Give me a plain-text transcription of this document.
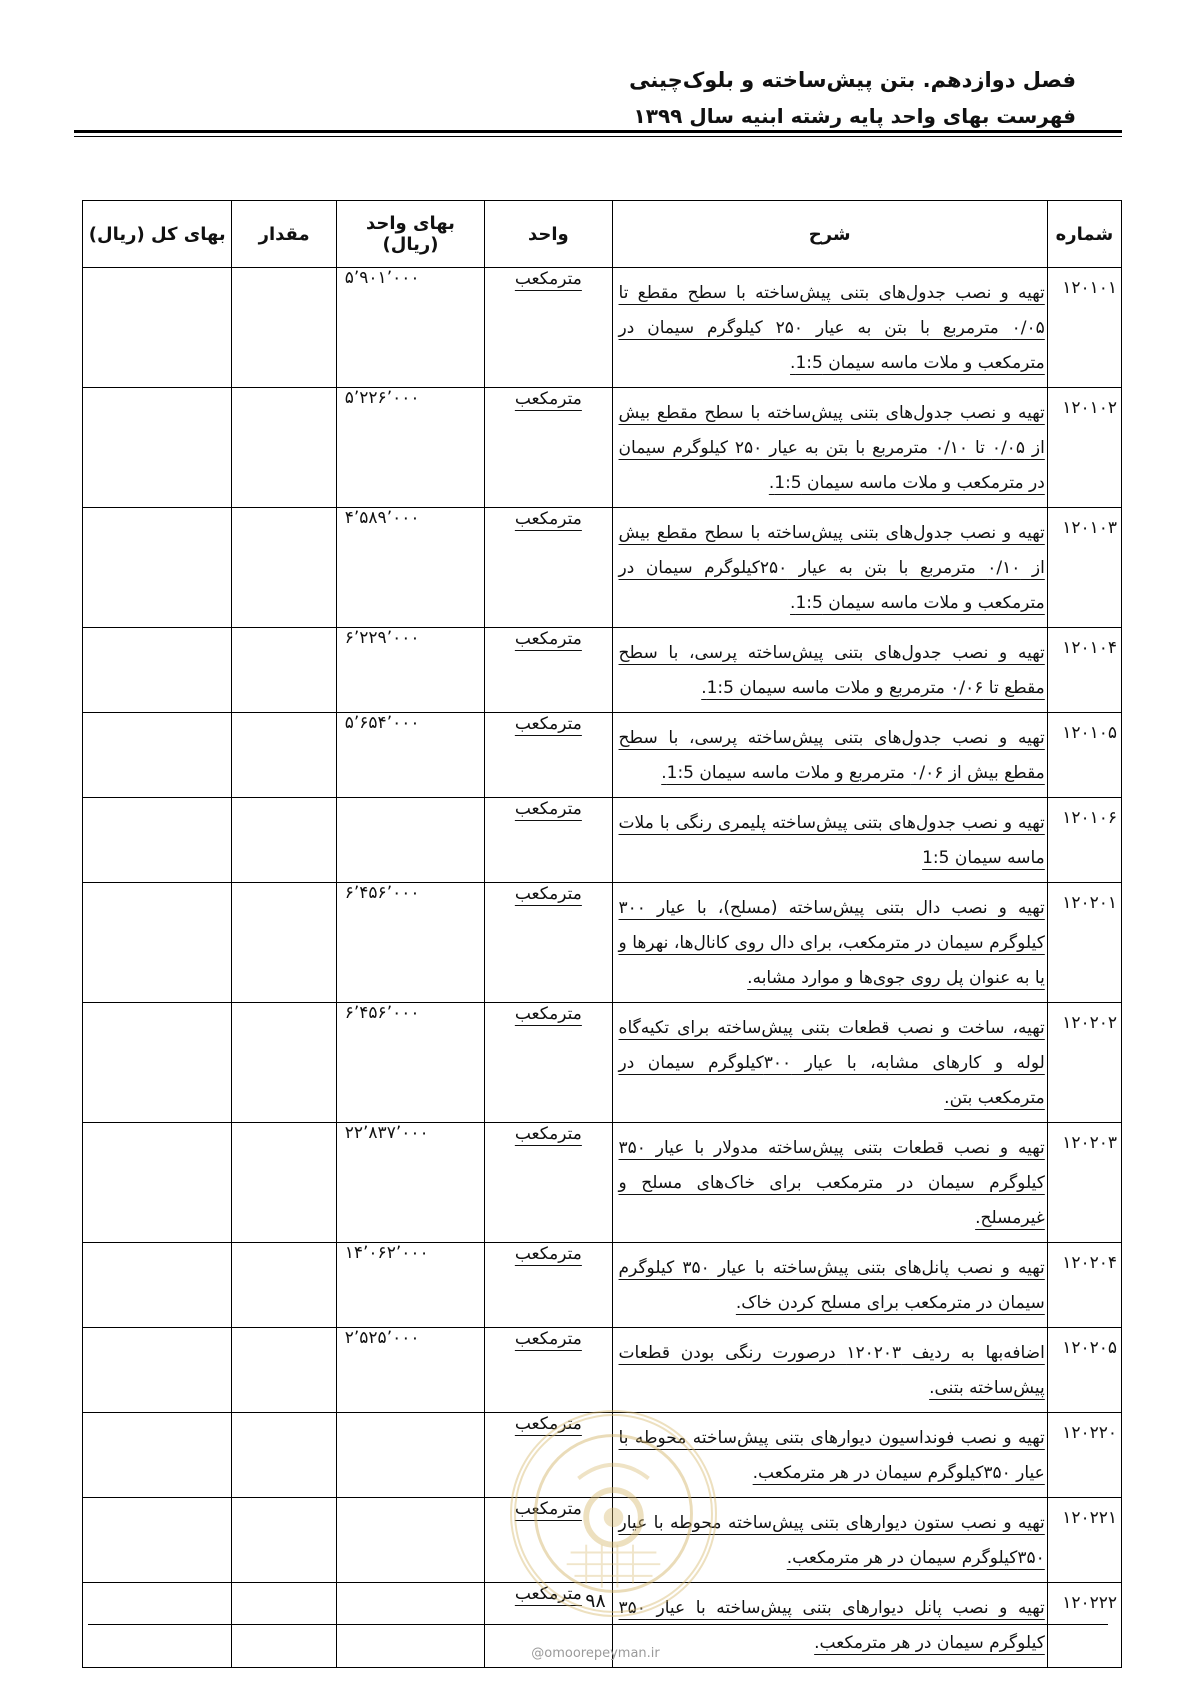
فصل دوازدهم. بتن پیش‌ساخته و بلوک‌چینی
فهرست بهای واحد پایه رشته ابنیه سال ۱۳۹۹
شماره	شرح	واحد	بهای واحد (ریال)	مقدار	بهای کل (ریال)
۱۲۰۱۰۱	تهیه و نصب جدول‌های بتنی پیش‌ساخته با سطح مقطع تا ۰/۰۵ مترمربع با بتن به عیار ۲۵۰ کیلوگرم سیمان در مترمکعب و ملات ماسه سیمان 1:5.	مترمکعب	۵٬۹۰۱٬۰۰۰		
۱۲۰۱۰۲	تهیه و نصب جدول‌های بتنی پیش‌ساخته با سطح مقطع بیش از ۰/۰۵ تا ۰/۱۰ مترمربع با بتن به عیار ۲۵۰ کیلوگرم سیمان در مترمکعب و ملات ماسه سیمان 1:5.	مترمکعب	۵٬۲۲۶٬۰۰۰		
۱۲۰۱۰۳	تهیه و نصب جدول‌های بتنی پیش‌ساخته با سطح مقطع بیش از ۰/۱۰ مترمربع با بتن به عیار ۲۵۰کیلوگرم سیمان در مترمکعب و ملات ماسه سیمان 1:5.	مترمکعب	۴٬۵۸۹٬۰۰۰		
۱۲۰۱۰۴	تهیه و نصب جدول‌های بتنی پیش‌ساخته پرسی، با سطح مقطع تا ۰/۰۶ مترمربع و ملات ماسه سیمان 1:5.	مترمکعب	۶٬۲۲۹٬۰۰۰		
۱۲۰۱۰۵	تهیه و نصب جدول‌های بتنی پیش‌ساخته پرسی، با سطح مقطع بیش از ۰/۰۶ مترمربع و ملات ماسه سیمان 1:5.	مترمکعب	۵٬۶۵۴٬۰۰۰		
۱۲۰۱۰۶	تهیه و نصب جدول‌های بتنی پیش‌ساخته پلیمری رنگی با ملات ماسه سیمان 1:5	مترمکعب			
۱۲۰۲۰۱	تهیه و نصب دال بتنی پیش‌ساخته (مسلح)، با عیار ۳۰۰ کیلوگرم سیمان در مترمکعب، برای دال روی کانال‌ها، نهرها و یا به عنوان پل روی جوی‌ها و موارد مشابه.	مترمکعب	۶٬۴۵۶٬۰۰۰		
۱۲۰۲۰۲	تهیه، ساخت و نصب قطعات بتنی پیش‌ساخته برای تکیه‌گاه لوله و کارهای مشابه، با عیار ۳۰۰کیلوگرم سیمان در مترمکعب بتن.	مترمکعب	۶٬۴۵۶٬۰۰۰		
۱۲۰۲۰۳	تهیه و نصب قطعات بتنی پیش‌ساخته مدولار با عیار ۳۵۰ کیلوگرم سیمان در مترمکعب برای خاک‌های مسلح و غیرمسلح.	مترمکعب	۲۲٬۸۳۷٬۰۰۰		
۱۲۰۲۰۴	تهیه و نصب پانل‌های بتنی پیش‌ساخته با عیار ۳۵۰ کیلوگرم سیمان در مترمکعب برای مسلح کردن خاک.	مترمکعب	۱۴٬۰۶۲٬۰۰۰		
۱۲۰۲۰۵	اضافه‌بها به ردیف ۱۲۰۲۰۳ درصورت رنگی بودن قطعات پیش‌ساخته بتنی.	مترمکعب	۲٬۵۲۵٬۰۰۰		
۱۲۰۲۲۰	تهیه و نصب فونداسیون دیوارهای بتنی پیش‌ساخته محوطه با عیار ۳۵۰کیلوگرم سیمان در هر مترمکعب.	مترمکعب			
۱۲۰۲۲۱	تهیه و نصب ستون دیوارهای بتنی پیش‌ساخته محوطه با عیار ۳۵۰کیلوگرم سیمان در هر مترمکعب.	مترمکعب			
۱۲۰۲۲۲	تهیه و نصب پانل دیوارهای بتنی پیش‌ساخته با عیار ۳۵۰ کیلوگرم سیمان در هر مترمکعب.	مترمکعب			۹۸
@omoorepeyman.ir
